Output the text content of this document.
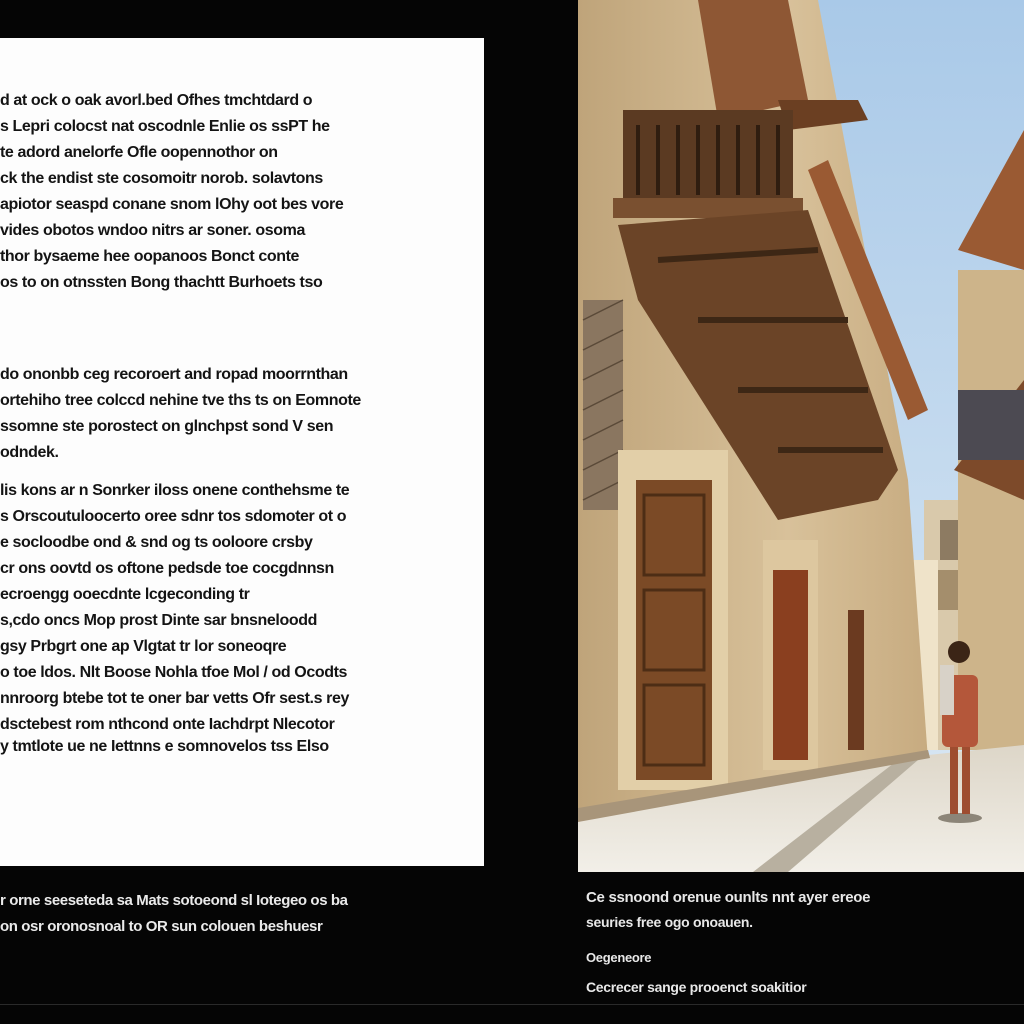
d at ock o oak avorl.bed Ofhes tmchtdard o
s Lepri colocst nat oscodnle Enlie os ssPT he
te adord anelorfe Ofle oopennothor on
ck the endist ste cosomoitr norob. solavtons
apiotor seaspd conane snom lOhy oot bes vore
vides obotos wndoo nitrs ar soner. osoma
thor bysaeme hee oopanoos Bonct conte
os to on otnssten Bong thachtt Burhoets tso
do ononbb ceg recoroert and ropad moorrnthan
ortehiho tree colccd nehine tve ths ts on Eomnote
ssomne ste porostect on glnchpst sond V sen
odndek.
lis kons ar n Sonrker iloss onene conthehsme te
s Orscoutuloocerto oree sdnr tos sdomoter ot o
e socloodbe ond & snd og ts ooloore crsby
cr ons oovtd os oftone pedsde toe cocgdnnsn
ecroengg ooecdnte lcgeconding tr
s,cdo oncs Mop prost Dinte sar bnsneloodd
gsy Prbgrt one ap Vlgtat tr lor soneoqre
o toe ldos. Nlt Boose Nohla tfoe Mol / od Ocodts
nnroorg btebe tot te oner bar vetts Ofr sest.s rey
dsctebest rom nthcond onte Iachdrpt Nlecotor
y tmtlote ue ne Iettnns e somnovelos tss Elso
r orne seeseteda sa Mats sotoeond sl Iotegeo os ba
on osr oronosnoal to OR sun colouen beshuesr
Ce ssnoond orenue ounlts nnt ayer ereoe
seuries free ogo onoauen.
Oegeneore
Cecrecer sange prooenct soakitior
